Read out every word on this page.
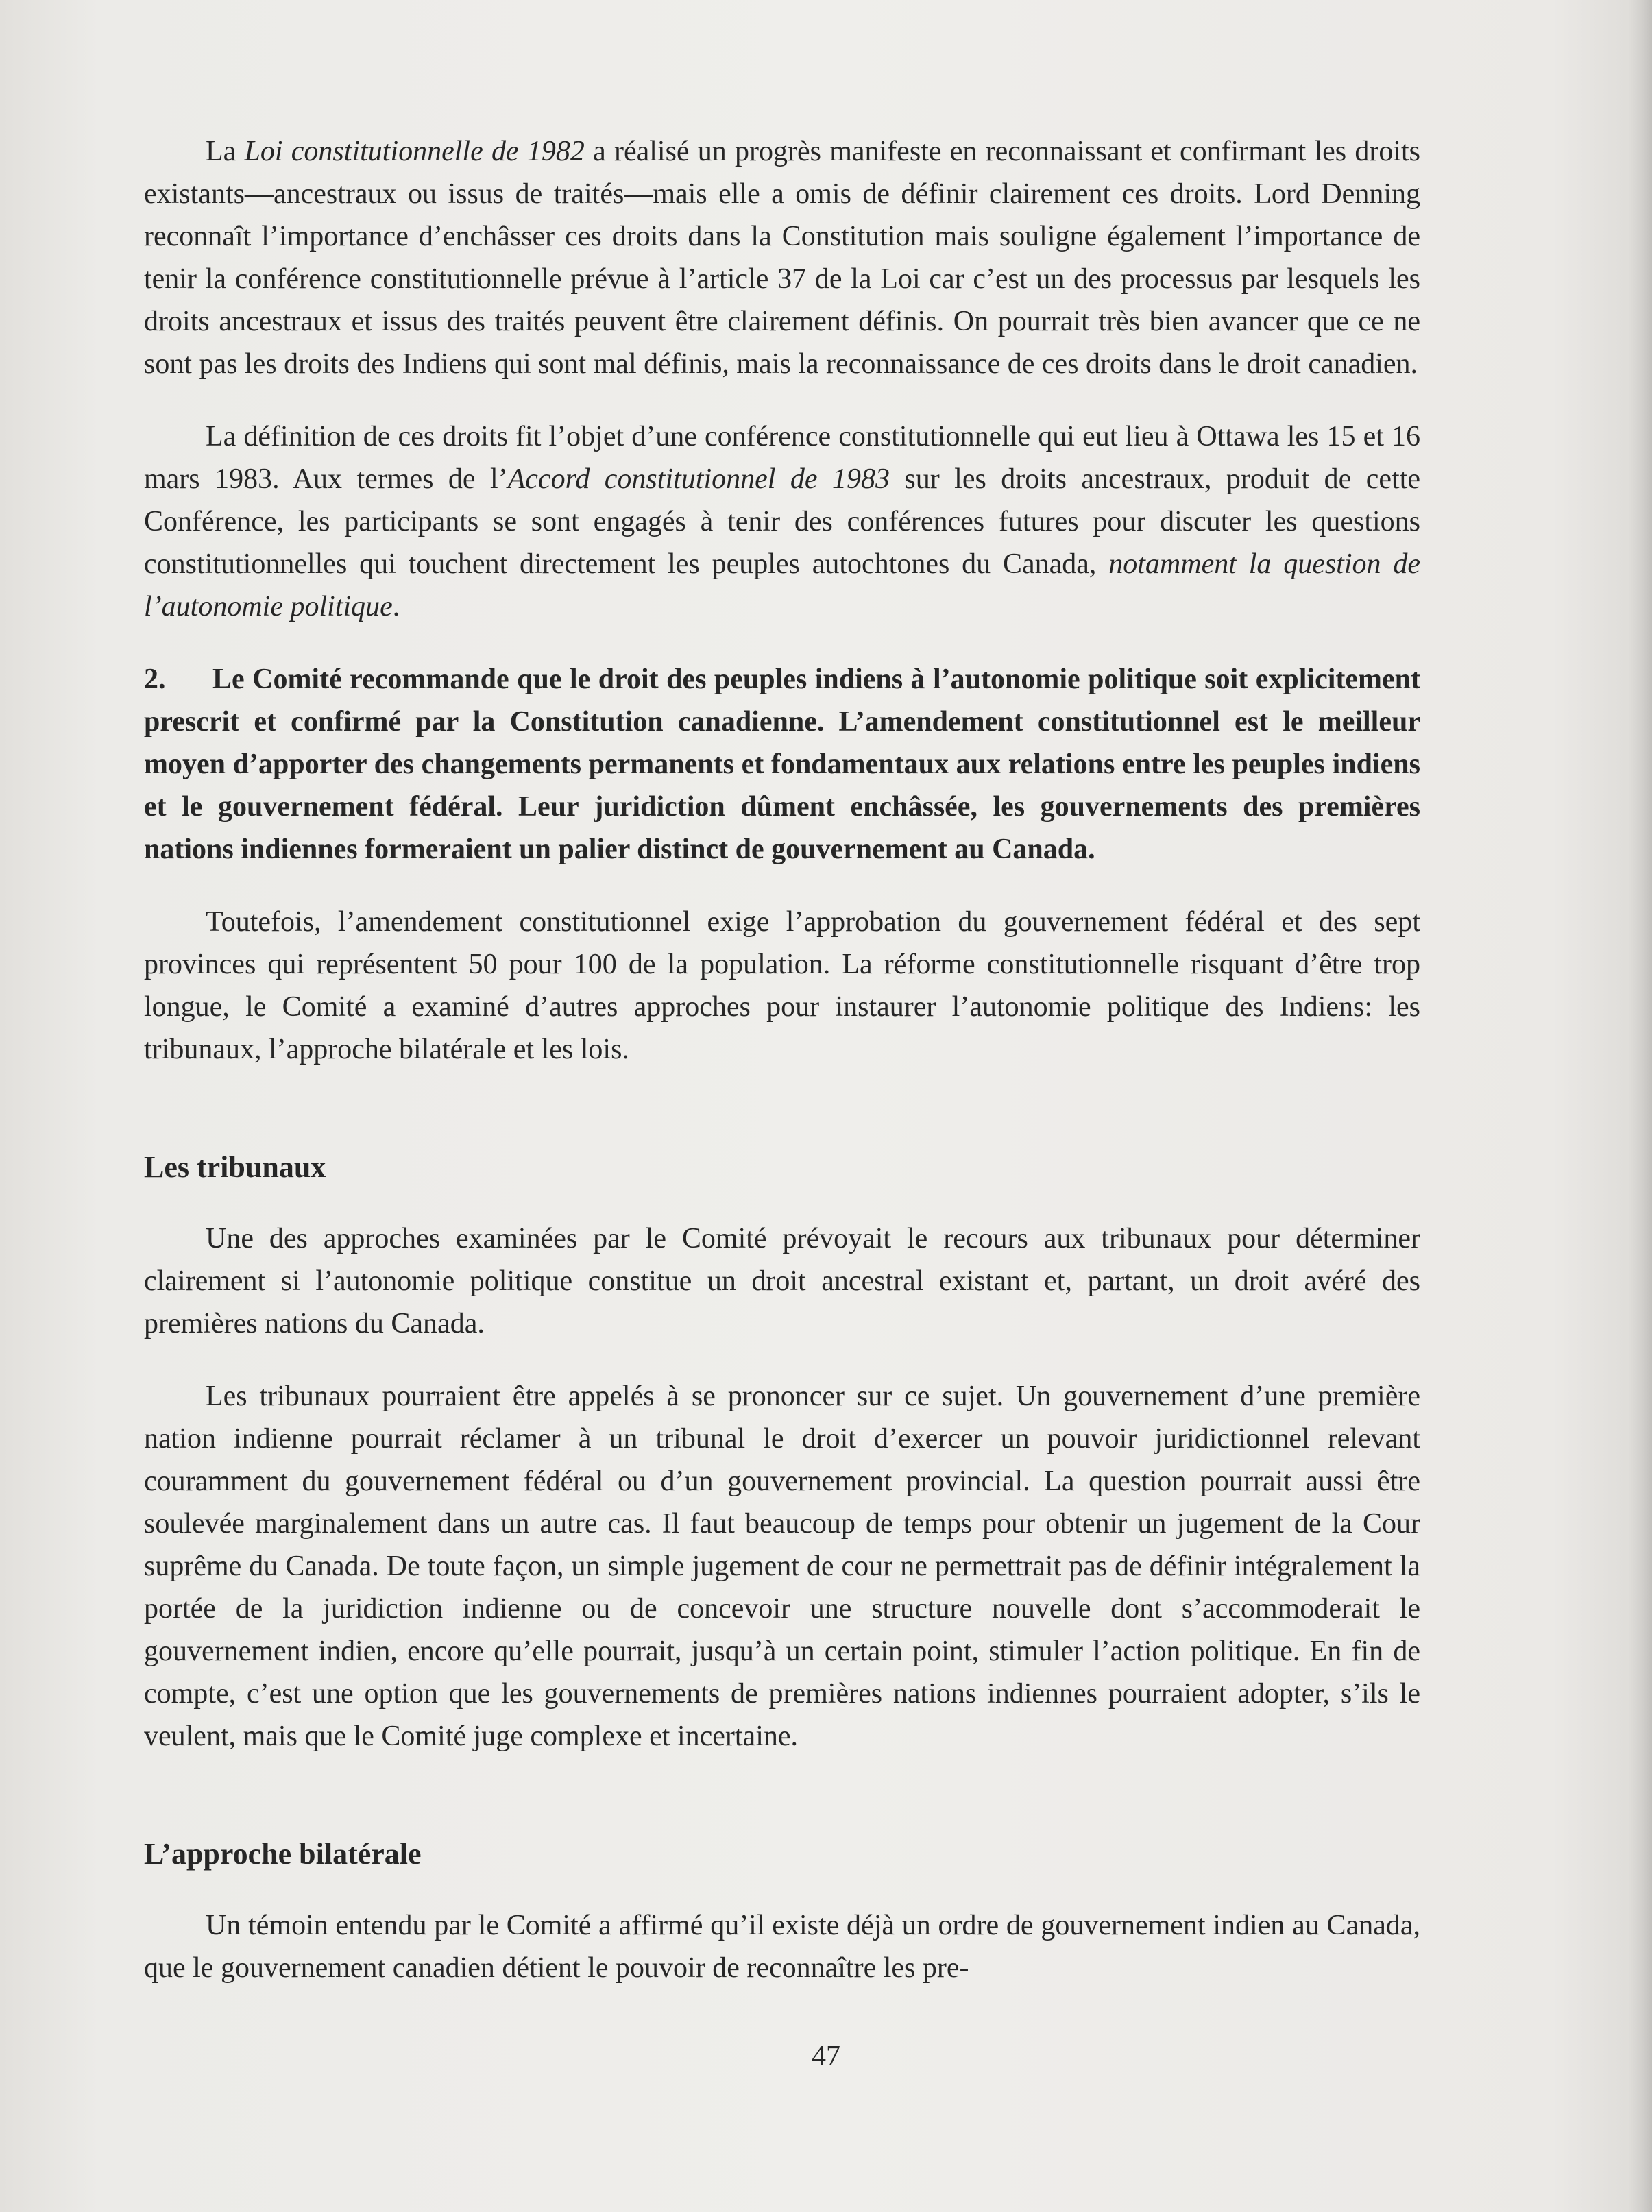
La Loi constitutionnelle de 1982 a réalisé un progrès manifeste en reconnaissant et confirmant les droits existants—ancestraux ou issus de traités—mais elle a omis de définir clairement ces droits. Lord Denning reconnaît l’importance d’enchâsser ces droits dans la Constitution mais souligne également l’importance de tenir la conférence constitutionnelle prévue à l’article 37 de la Loi car c’est un des processus par lesquels les droits ancestraux et issus des traités peuvent être clairement définis. On pourrait très bien avancer que ce ne sont pas les droits des Indiens qui sont mal définis, mais la reconnaissance de ces droits dans le droit canadien.

La définition de ces droits fit l’objet d’une conférence constitutionnelle qui eut lieu à Ottawa les 15 et 16 mars 1983. Aux termes de l’Accord constitutionnel de 1983 sur les droits ancestraux, produit de cette Conférence, les participants se sont engagés à tenir des conférences futures pour discuter les questions constitutionnelles qui touchent directement les peuples autochtones du Canada, notamment la question de l’autonomie politique.

2. Le Comité recommande que le droit des peuples indiens à l’autonomie politique soit explicitement prescrit et confirmé par la Constitution canadienne. L’amendement constitutionnel est le meilleur moyen d’apporter des changements permanents et fondamentaux aux relations entre les peuples indiens et le gouvernement fédéral. Leur juridiction dûment enchâssée, les gouvernements des premières nations indiennes formeraient un palier distinct de gouvernement au Canada.

Toutefois, l’amendement constitutionnel exige l’approbation du gouvernement fédéral et des sept provinces qui représentent 50 pour 100 de la population. La réforme constitutionnelle risquant d’être trop longue, le Comité a examiné d’autres approches pour instaurer l’autonomie politique des Indiens: les tribunaux, l’approche bilatérale et les lois.

Les tribunaux

Une des approches examinées par le Comité prévoyait le recours aux tribunaux pour déterminer clairement si l’autonomie politique constitue un droit ancestral existant et, partant, un droit avéré des premières nations du Canada.

Les tribunaux pourraient être appelés à se prononcer sur ce sujet. Un gouvernement d’une première nation indienne pourrait réclamer à un tribunal le droit d’exercer un pouvoir juridictionnel relevant couramment du gouvernement fédéral ou d’un gouvernement provincial. La question pourrait aussi être soulevée marginalement dans un autre cas. Il faut beaucoup de temps pour obtenir un jugement de la Cour suprême du Canada. De toute façon, un simple jugement de cour ne permettrait pas de définir intégralement la portée de la juridiction indienne ou de concevoir une structure nouvelle dont s’accommoderait le gouvernement indien, encore qu’elle pourrait, jusqu’à un certain point, stimuler l’action politique. En fin de compte, c’est une option que les gouvernements de premières nations indiennes pourraient adopter, s’ils le veulent, mais que le Comité juge complexe et incertaine.

L’approche bilatérale

Un témoin entendu par le Comité a affirmé qu’il existe déjà un ordre de gouvernement indien au Canada, que le gouvernement canadien détient le pouvoir de reconnaître les pre-

47
